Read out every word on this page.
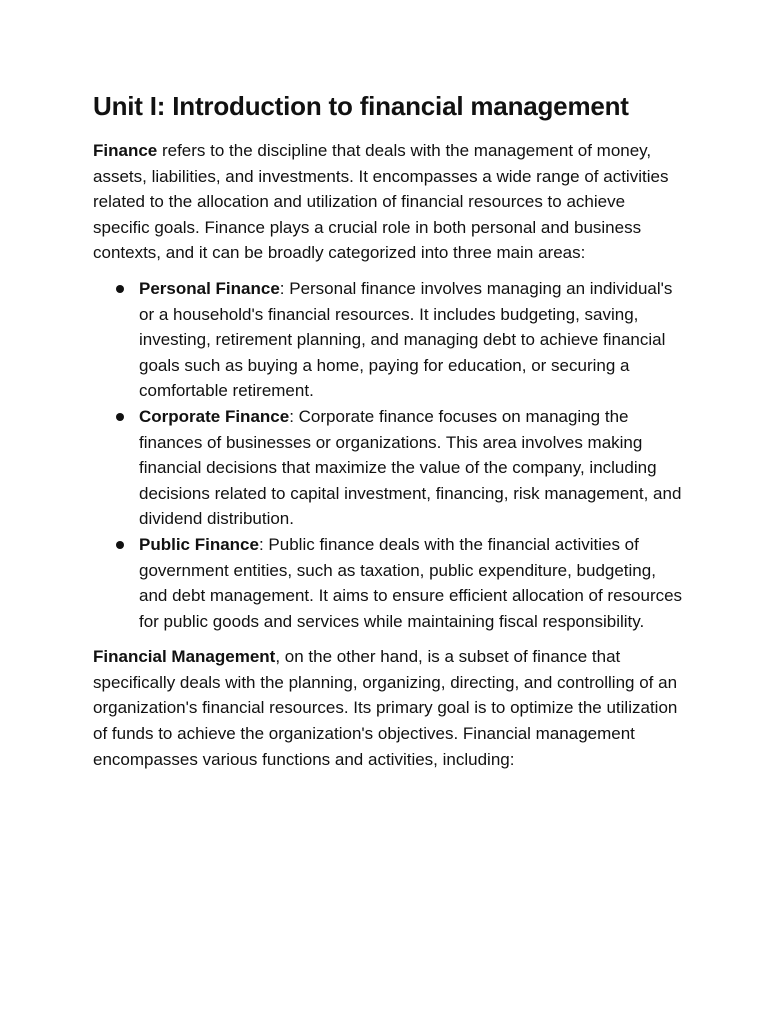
Unit I: Introduction to financial management

Finance refers to the discipline that deals with the management of money, assets, liabilities, and investments. It encompasses a wide range of activities related to the allocation and utilization of financial resources to achieve specific goals. Finance plays a crucial role in both personal and business contexts, and it can be broadly categorized into three main areas:

Personal Finance: Personal finance involves managing an individual's or a household's financial resources. It includes budgeting, saving, investing, retirement planning, and managing debt to achieve financial goals such as buying a home, paying for education, or securing a comfortable retirement.
Corporate Finance: Corporate finance focuses on managing the finances of businesses or organizations. This area involves making financial decisions that maximize the value of the company, including decisions related to capital investment, financing, risk management, and dividend distribution.
Public Finance: Public finance deals with the financial activities of government entities, such as taxation, public expenditure, budgeting, and debt management. It aims to ensure efficient allocation of resources for public goods and services while maintaining fiscal responsibility.

Financial Management, on the other hand, is a subset of finance that specifically deals with the planning, organizing, directing, and controlling of an organization's financial resources. Its primary goal is to optimize the utilization of funds to achieve the organization's objectives. Financial management encompasses various functions and activities, including:
